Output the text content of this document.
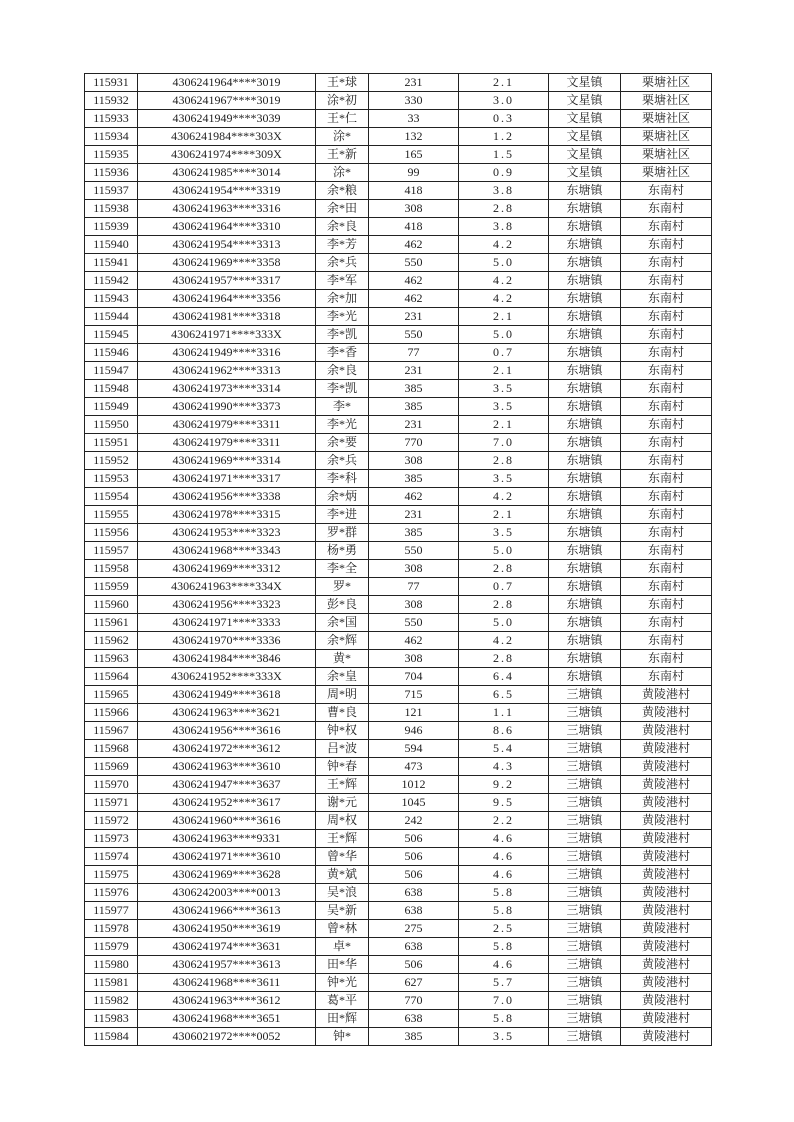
115931	4306241964****3019	王*球	231	2.1	文星镇	栗塘社区
115932	4306241967****3019	涂*初	330	3.0	文星镇	栗塘社区
115933	4306241949****3039	王*仁	33	0.3	文星镇	栗塘社区
115934	4306241984****303X	涂*	132	1.2	文星镇	栗塘社区
115935	4306241974****309X	王*新	165	1.5	文星镇	栗塘社区
115936	4306241985****3014	涂*	99	0.9	文星镇	栗塘社区
115937	4306241954****3319	余*粮	418	3.8	东塘镇	东南村
115938	4306241963****3316	余*田	308	2.8	东塘镇	东南村
115939	4306241964****3310	余*良	418	3.8	东塘镇	东南村
115940	4306241954****3313	李*芳	462	4.2	东塘镇	东南村
115941	4306241969****3358	余*兵	550	5.0	东塘镇	东南村
115942	4306241957****3317	李*军	462	4.2	东塘镇	东南村
115943	4306241964****3356	余*加	462	4.2	东塘镇	东南村
115944	4306241981****3318	李*光	231	2.1	东塘镇	东南村
115945	4306241971****333X	李*凯	550	5.0	东塘镇	东南村
115946	4306241949****3316	李*香	77	0.7	东塘镇	东南村
115947	4306241962****3313	余*良	231	2.1	东塘镇	东南村
115948	4306241973****3314	李*凯	385	3.5	东塘镇	东南村
115949	4306241990****3373	李*	385	3.5	东塘镇	东南村
115950	4306241979****3311	李*光	231	2.1	东塘镇	东南村
115951	4306241979****3311	余*要	770	7.0	东塘镇	东南村
115952	4306241969****3314	余*兵	308	2.8	东塘镇	东南村
115953	4306241971****3317	李*科	385	3.5	东塘镇	东南村
115954	4306241956****3338	余*炳	462	4.2	东塘镇	东南村
115955	4306241978****3315	李*进	231	2.1	东塘镇	东南村
115956	4306241953****3323	罗*群	385	3.5	东塘镇	东南村
115957	4306241968****3343	杨*勇	550	5.0	东塘镇	东南村
115958	4306241969****3312	李*全	308	2.8	东塘镇	东南村
115959	4306241963****334X	罗*	77	0.7	东塘镇	东南村
115960	4306241956****3323	彭*良	308	2.8	东塘镇	东南村
115961	4306241971****3333	余*国	550	5.0	东塘镇	东南村
115962	4306241970****3336	余*辉	462	4.2	东塘镇	东南村
115963	4306241984****3846	黄*	308	2.8	东塘镇	东南村
115964	4306241952****333X	余*皇	704	6.4	东塘镇	东南村
115965	4306241949****3618	周*明	715	6.5	三塘镇	黄陵港村
115966	4306241963****3621	曹*良	121	1.1	三塘镇	黄陵港村
115967	4306241956****3616	钟*权	946	8.6	三塘镇	黄陵港村
115968	4306241972****3612	吕*波	594	5.4	三塘镇	黄陵港村
115969	4306241963****3610	钟*春	473	4.3	三塘镇	黄陵港村
115970	4306241947****3637	王*辉	1012	9.2	三塘镇	黄陵港村
115971	4306241952****3617	谢*元	1045	9.5	三塘镇	黄陵港村
115972	4306241960****3616	周*权	242	2.2	三塘镇	黄陵港村
115973	4306241963****9331	王*辉	506	4.6	三塘镇	黄陵港村
115974	4306241971****3610	曾*华	506	4.6	三塘镇	黄陵港村
115975	4306241969****3628	黄*斌	506	4.6	三塘镇	黄陵港村
115976	4306242003****0013	吴*浪	638	5.8	三塘镇	黄陵港村
115977	4306241966****3613	吴*新	638	5.8	三塘镇	黄陵港村
115978	4306241950****3619	曾*林	275	2.5	三塘镇	黄陵港村
115979	4306241974****3631	卓*	638	5.8	三塘镇	黄陵港村
115980	4306241957****3613	田*华	506	4.6	三塘镇	黄陵港村
115981	4306241968****3611	钟*光	627	5.7	三塘镇	黄陵港村
115982	4306241963****3612	葛*平	770	7.0	三塘镇	黄陵港村
115983	4306241968****3651	田*辉	638	5.8	三塘镇	黄陵港村
115984	4306021972****0052	钟*	385	3.5	三塘镇	黄陵港村
